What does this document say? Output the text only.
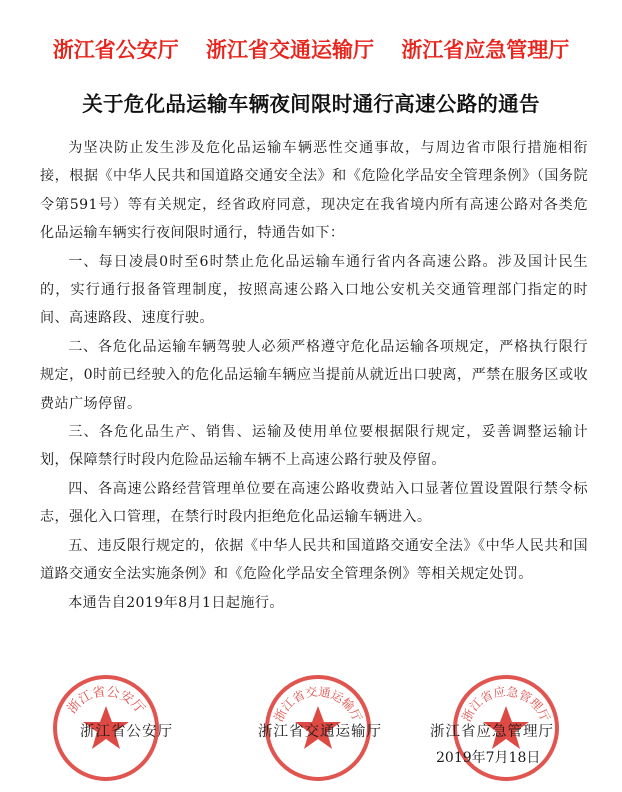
浙江省公安厅 浙江省交通运输厅 浙江省应急管理厅
关于危化品运输车辆夜间限时通行高速公路的通告

为坚决防止发生涉及危化品运输车辆恶性交通事故，与周边省市限行措施相衔接，根据《中华人民共和国道路交通安全法》和《危险化学品安全管理条例》（国务院令第591号）等有关规定，经省政府同意，现决定在我省境内所有高速公路对各类危化品运输车辆实行夜间限时通行，特通告如下：

一、每日凌晨0时至6时禁止危化品运输车通行省内各高速公路。涉及国计民生的，实行通行报备管理制度，按照高速公路入口地公安机关交通管理部门指定的时间、高速路段、速度行驶。

二、各危化品运输车辆驾驶人必须严格遵守危化品运输各项规定，严格执行限行规定，0时前已经驶入的危化品运输车辆应当提前从就近出口驶离，严禁在服务区或收费站广场停留。

三、各危化品生产、销售、运输及使用单位要根据限行规定，妥善调整运输计划，保障禁行时段内危险品运输车辆不上高速公路行驶及停留。

四、各高速公路经营管理单位要在高速公路收费站入口显著位置设置限行禁令标志，强化入口管理，在禁行时段内拒绝危化品运输车辆进入。

五、违反限行规定的，依据《中华人民共和国道路交通安全法》《中华人民共和国道路交通安全法实施条例》和《危险化学品安全管理条例》等相关规定处罚。

本通告自2019年8月1日起施行。

浙江省公安厅	浙江省交通运输厅	浙江省应急管理厅
浙江省公安厅	浙江省交通运输厅	浙江省应急管理厅
2019年7月18日
